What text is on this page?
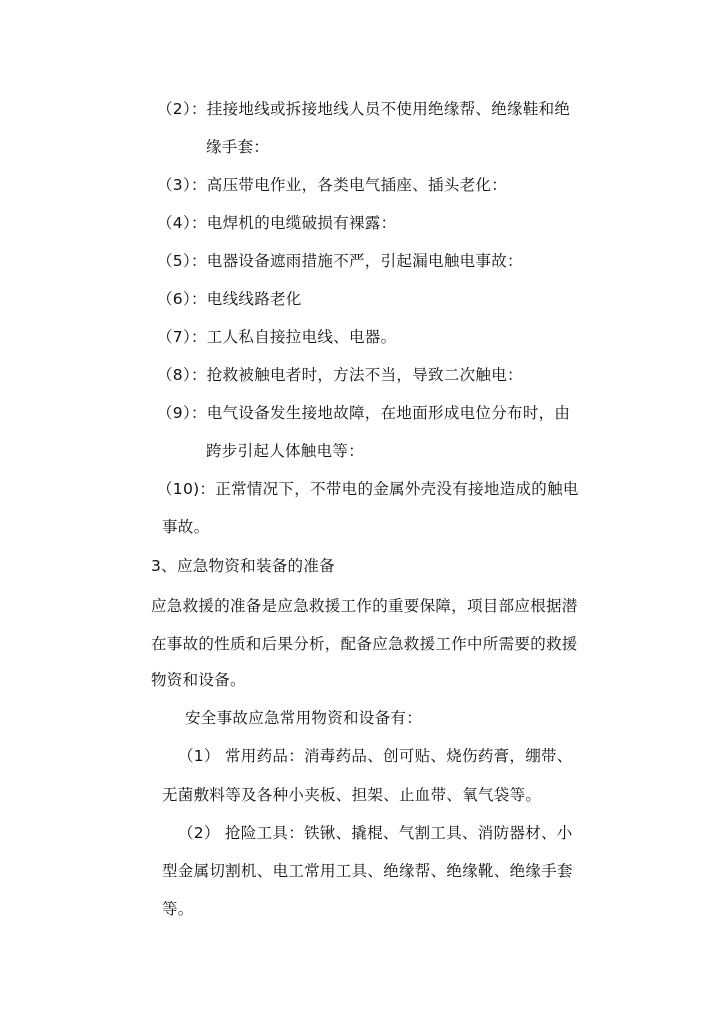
（2）：挂接地线或拆接地线人员不使用绝缘帮、绝缘鞋和绝
缘手套：
（3）：高压带电作业，各类电气插座、插头老化：
（4）：电焊机的电缆破损有裸露：
（5）：电器设备遮雨措施不严，引起漏电触电事故：
（6）：电线线路老化
（7）：工人私自接拉电线、电器。
（8）：抢救被触电者时，方法不当，导致二次触电：
（9）：电气设备发生接地故障，在地面形成电位分布时，由
跨步引起人体触电等：
（10)：正常情况下，不带电的金属外壳没有接地造成的触电
事故。
3、应急物资和装备的准备
应急救援的准备是应急救援工作的重要保障，项目部应根据潜
在事故的性质和后果分析，配备应急救援工作中所需要的救援
物资和设备。
安全事故应急常用物资和设备有：
（1） 常用药品：消毒药品、创可贴、烧伤药膏，绷带、
无菌敷料等及各种小夹板、担架、止血带、氧气袋等。
（2） 抢险工具：铁锹、撬棍、气割工具、消防器材、小
型金属切割机、电工常用工具、绝缘帮、绝缘靴、绝缘手套
等。
